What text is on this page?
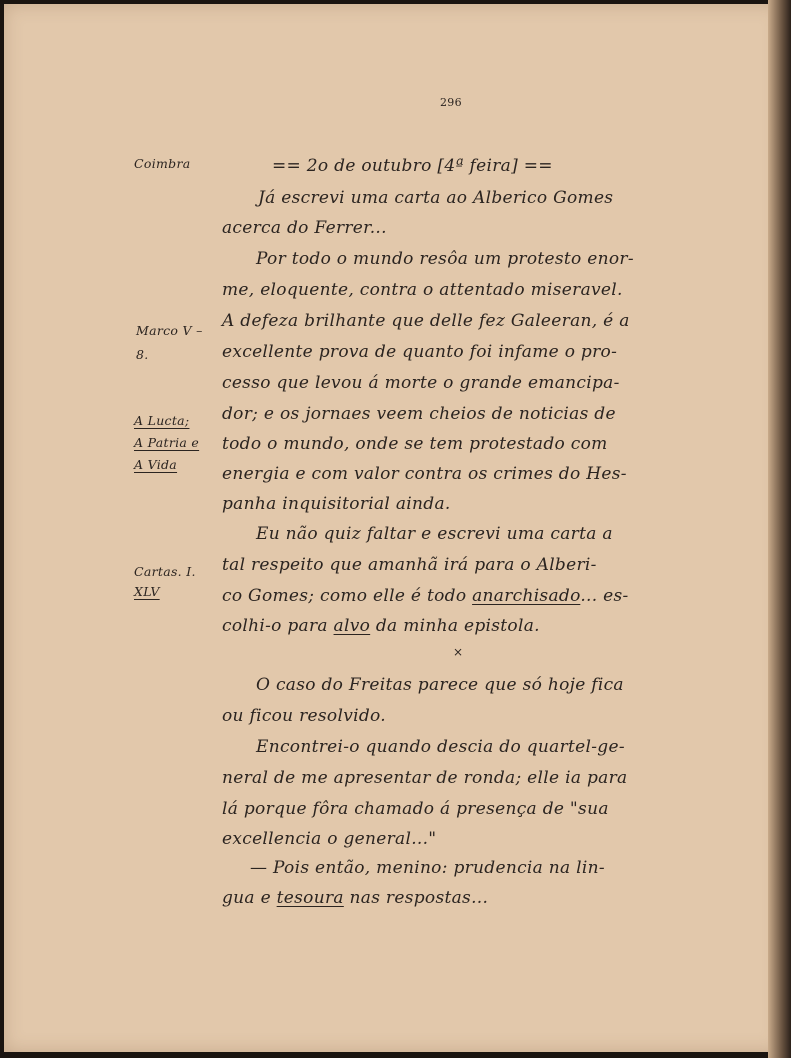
296
Coimbra
Marco V –
8.
A Lucta;
A Patria e
A Vida
Cartas. I.
XLV
== 2o de outubro [4ª feira] ==
Já escrevi uma carta ao Alberico Gomes
acerca do Ferrer...
Por todo o mundo resôa um protesto enor-
me, eloquente, contra o attentado miseravel.
A defeza brilhante que delle fez Galeeran, é a
excellente prova de quanto foi infame o pro-
cesso que levou á morte o grande emancipa-
dor; e os jornaes veem cheios de noticias de
todo o mundo, onde se tem protestado com
energia e com valor contra os crimes do Hes-
panha inquisitorial ainda.
Eu não quiz faltar e escrevi uma carta a
tal respeito que amanhã irá para o Alberi-
co Gomes; como elle é todo anarchisado... es-
colhi-o para alvo da minha epistola.
×
O caso do Freitas parece que só hoje fica
ou ficou resolvido.
Encontrei-o quando descia do quartel-ge-
neral de me apresentar de ronda; elle ia para
lá porque fôra chamado á presença de "sua
excellencia o general..."
— Pois então, menino: prudencia na lin-
gua e tesoura nas respostas...
